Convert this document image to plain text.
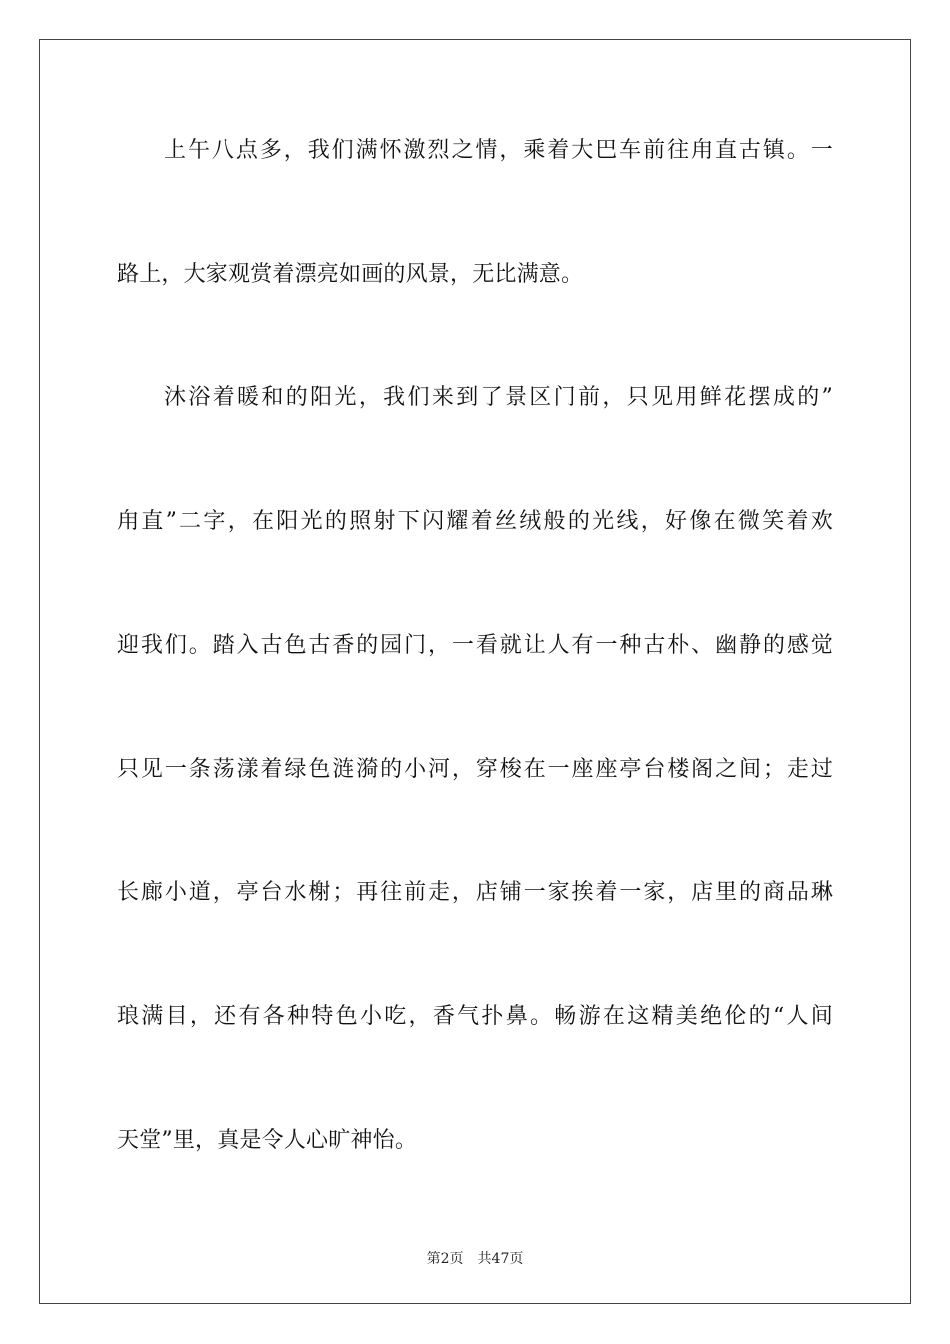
上午八点多，我们满怀激烈之情，乘着大巴车前往甪直古镇。一
路上，大家观赏着漂亮如画的风景，无比满意。
沐浴着暖和的阳光，我们来到了景区门前，只见用鲜花摆成的”
甪直”二字，在阳光的照射下闪耀着丝绒般的光线，好像在微笑着欢
迎我们。踏入古色古香的园门，一看就让人有一种古朴、幽静的感觉
只见一条荡漾着绿色涟漪的小河，穿梭在一座座亭台楼阁之间；走过
长廊小道，亭台水榭；再往前走，店铺一家挨着一家，店里的商品琳
琅满目，还有各种特色小吃，香气扑鼻。畅游在这精美绝伦的“人间
天堂”里，真是令人心旷神怡。
第2页 共47页
